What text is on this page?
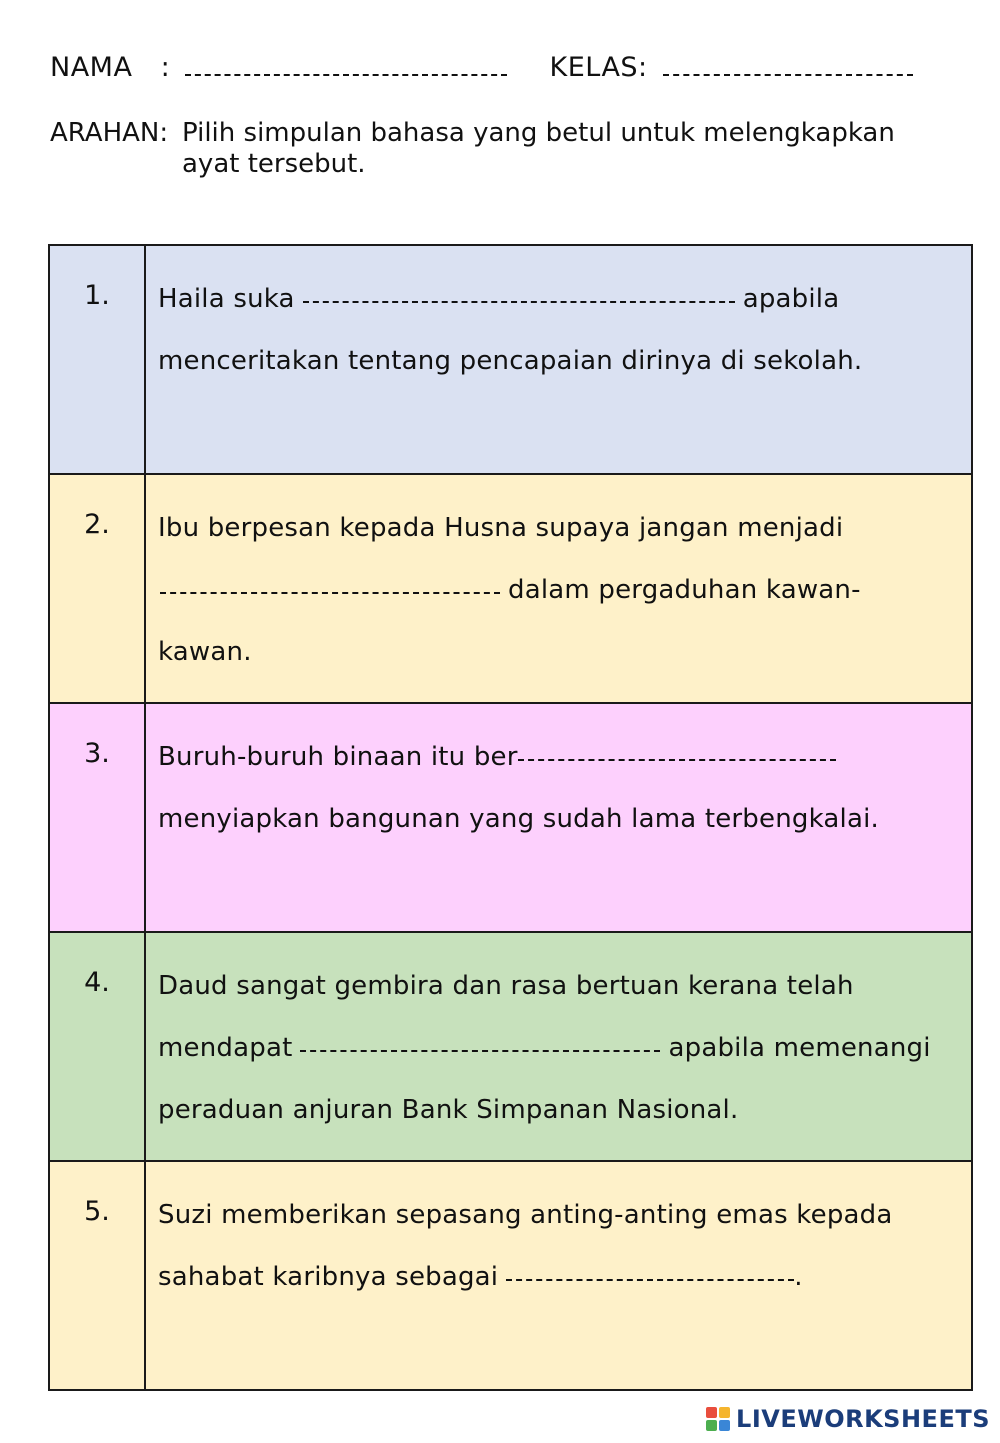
NAMA :	KELAS:
ARAHAN: Pilih simpulan bahasa yang betul untuk melengkapkan ayat tersebut.
1.	Haila suka apabila menceritakan tentang pencapaian dirinya di sekolah.
2.	Ibu berpesan kepada Husna supaya jangan menjadi
dalam pergaduhan kawan-kawan.
3.	Buruh-buruh binaan itu ber
menyiapkan bangunan yang sudah lama terbengkalai.
4.	Daud sangat gembira dan rasa bertuan kerana telah mendapat apabila memenangi peraduan anjuran Bank Simpanan Nasional.
5.	Suzi memberikan sepasang anting-anting emas kepada sahabat karibnya sebagai .
LIVEWORKSHEETS
